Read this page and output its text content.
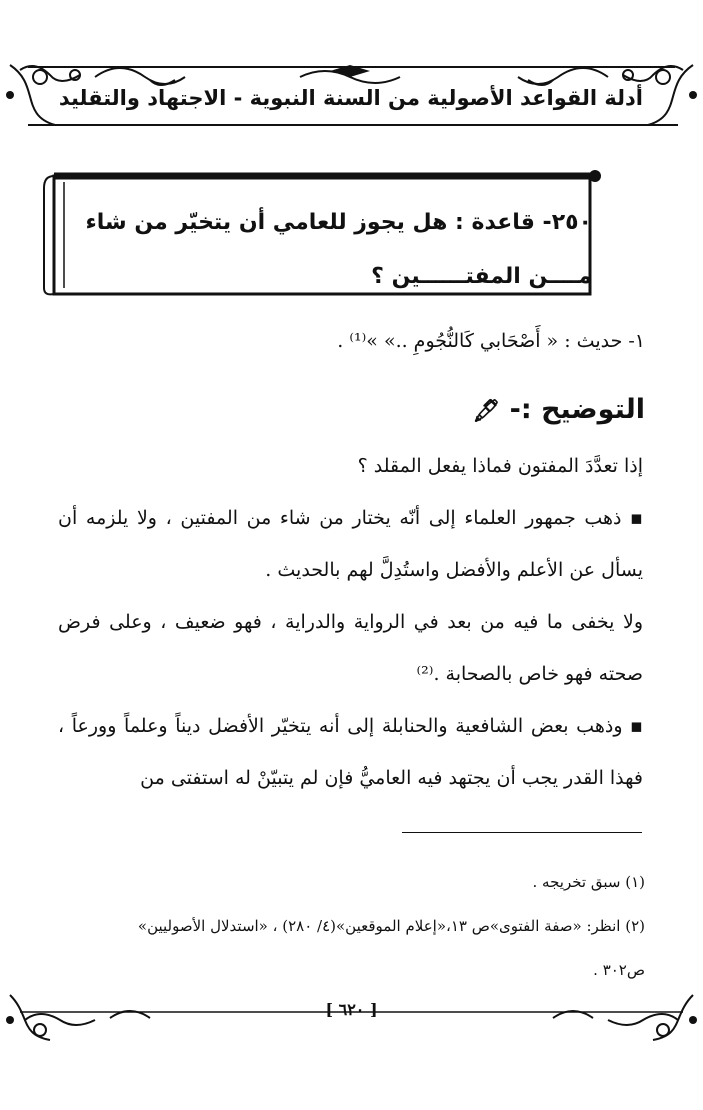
أدلة القواعد الأصولية من السنة النبوية - الاجتهاد والتقليد
٢٥٠- قاعدة : هل يجوز للعامي أن يتخيّر من شاء
مــــن المفتــــــين ؟
١- حديث : « أَصْحَابي كَالنُّجُومِ ..» »⁽¹⁾ .
التوضيح :- 🖋
إذا تعدَّدَ المفتون فماذا يفعل المقلد ؟
▪ ذهب جمهور العلماء إلى أنّه يختار من شاء من المفتين ، ولا يلزمه أن يسأل عن الأعلم والأفضل واستُدِلَّ لهم بالحديث .
ولا يخفى ما فيه من بعد في الرواية والدراية ، فهو ضعيف ، وعلى فرض صحته فهو خاص بالصحابة .⁽²⁾
▪ وذهب بعض الشافعية والحنابلة إلى أنه يتخيّر الأفضل ديناً وعلماً وورعاً ، فهذا القدر يجب أن يجتهد فيه العاميُّ فإن لم يتبيّنْ له استفتى من
(١) سبق تخريجه .
(٢) انظر: «صفة الفتوى»ص ١٣،«إعلام الموقعين»(٤/ ٢٨٠) ، «استدلال الأصوليين»
ص٣٠٢ .
[ ٦٢٠ ]
